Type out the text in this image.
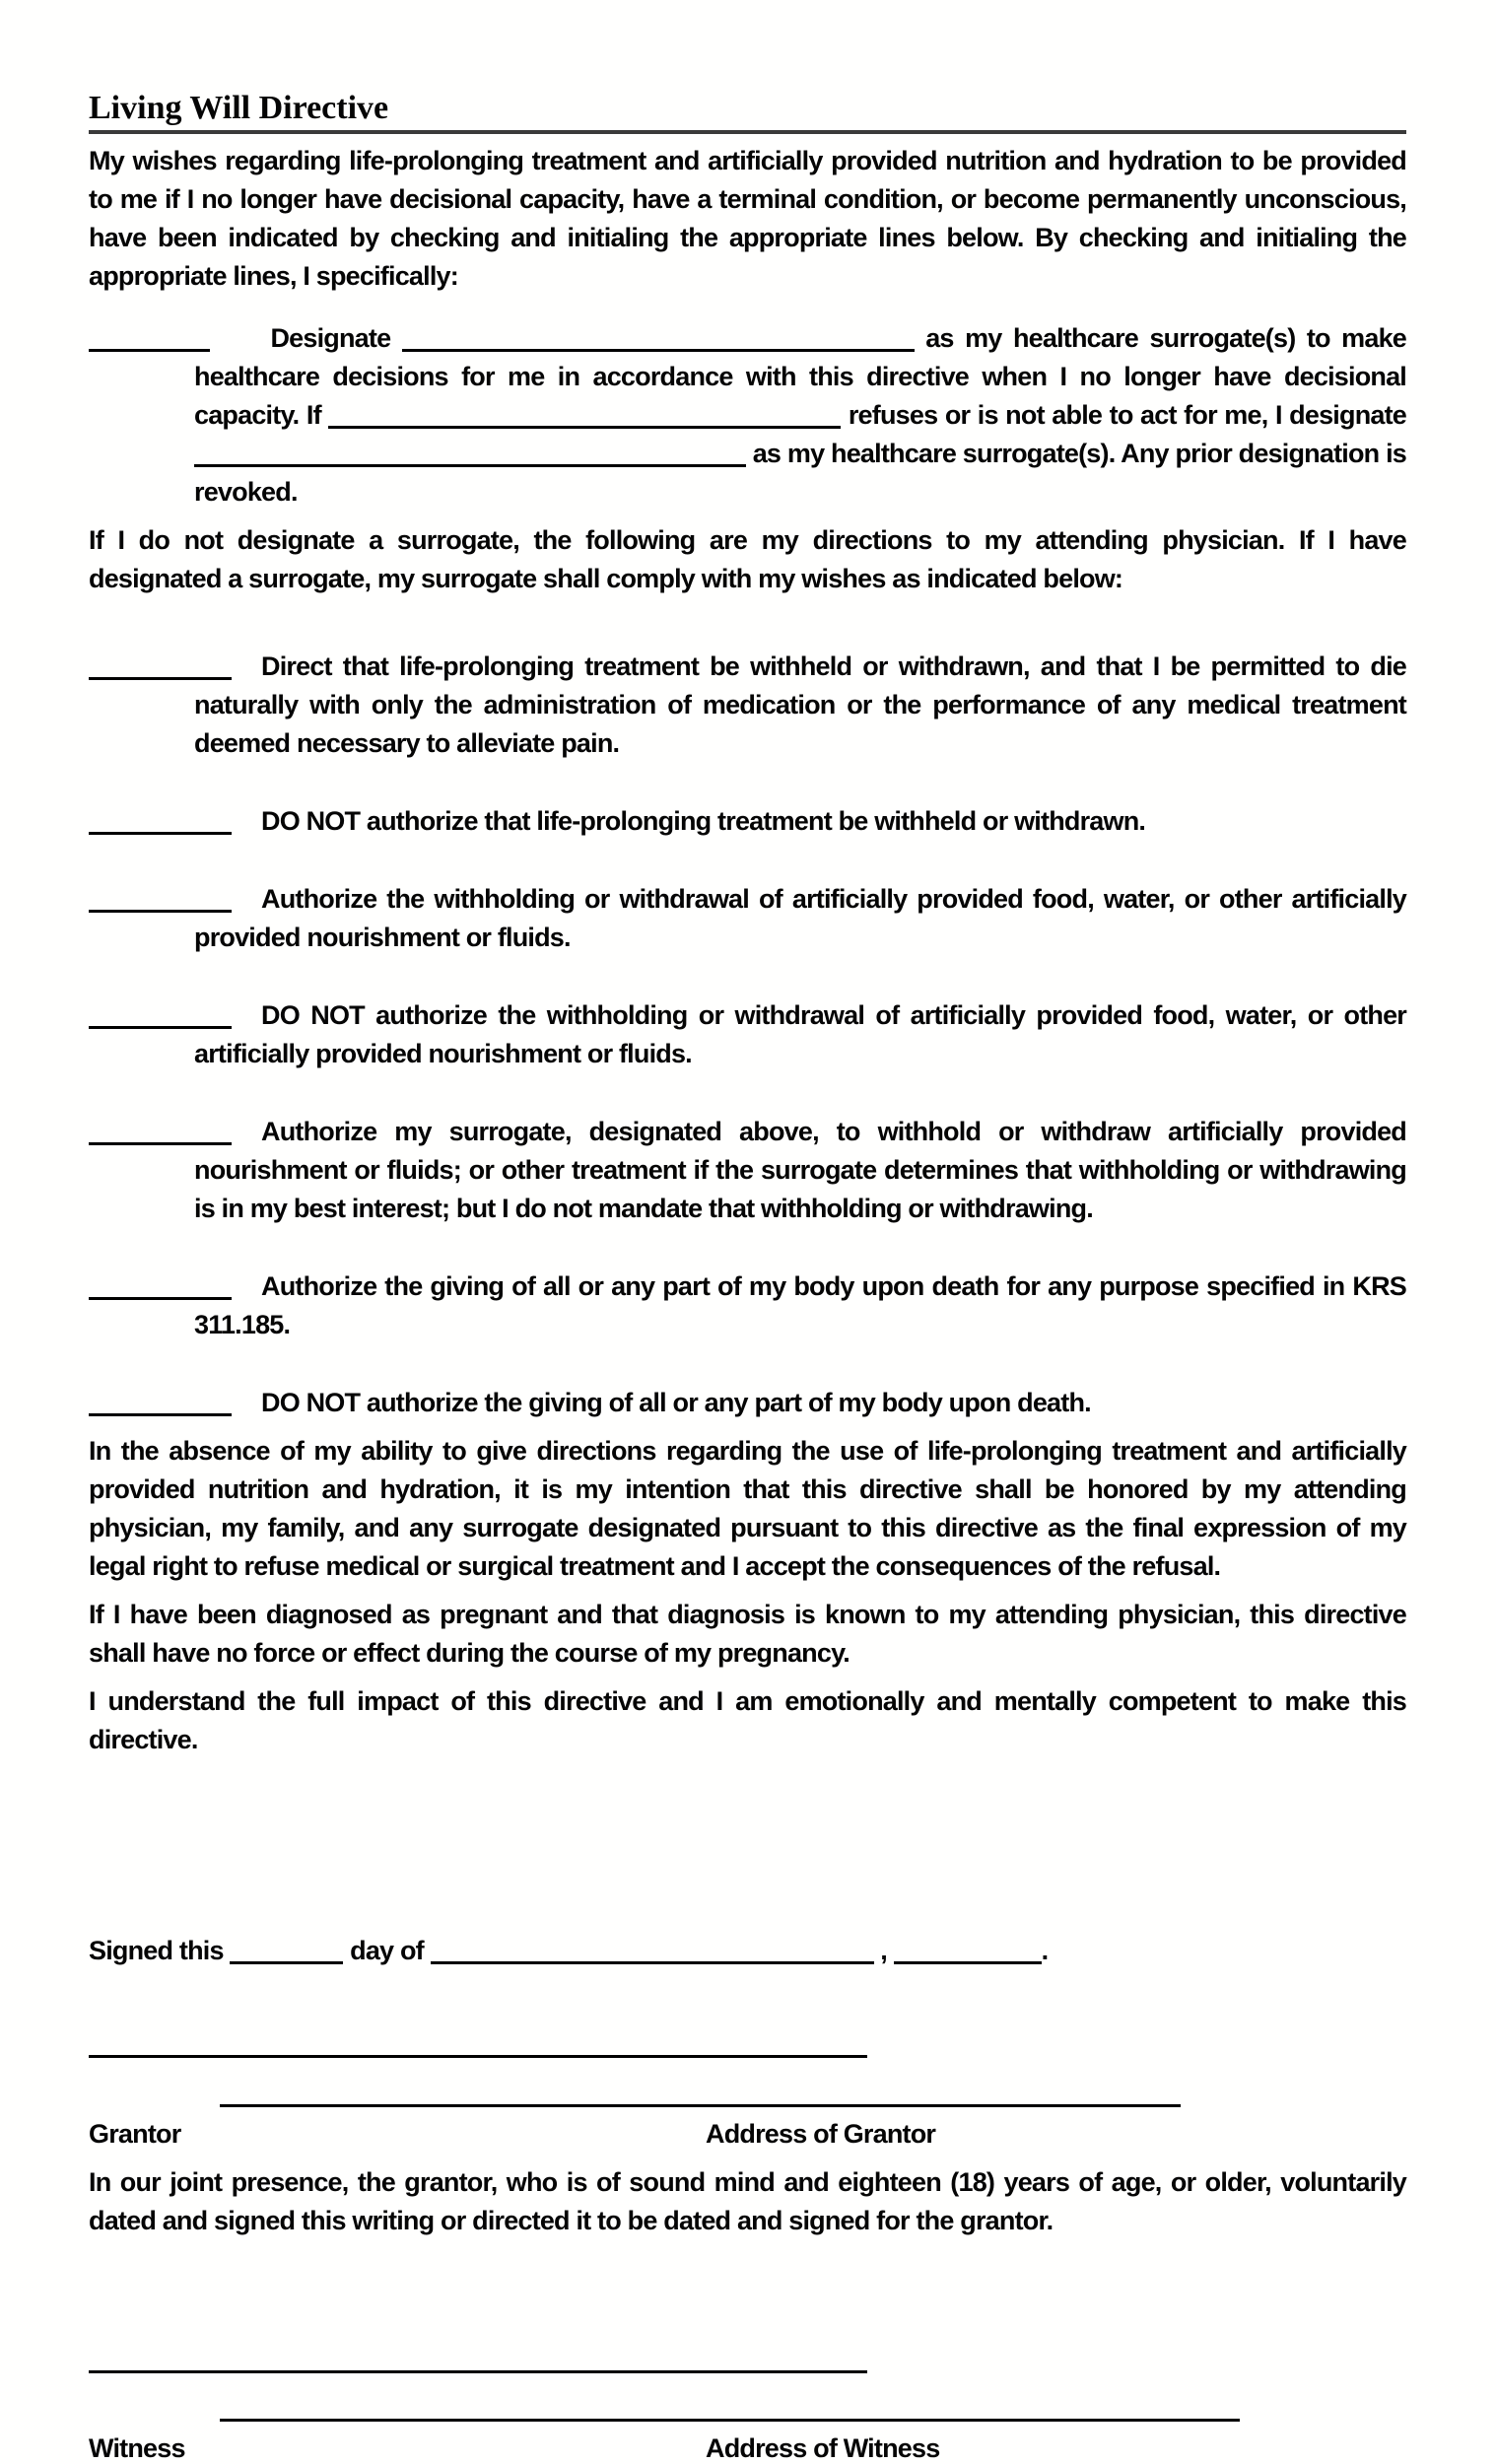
Living Will Directive

My wishes regarding life-prolonging treatment and artificially provided nutrition and hydration to be provided to me if I no longer have decisional capacity, have a terminal condition, or become permanently unconscious, have been indicated by checking and initialing the appropriate lines below. By checking and initialing the appropriate lines, I specifically:

Designate	as my healthcare surrogate(s) to make healthcare decisions for me in accordance with this directive when I no longer have decisional capacity. If	refuses or is not able to act for me, I designate  as my healthcare surrogate(s). Any prior designation is revoked.

If I do not designate a surrogate, the following are my directions to my attending physician. If I have designated a surrogate, my surrogate shall comply with my wishes as indicated below:

Direct that life-prolonging treatment be withheld or withdrawn, and that I be permitted to die naturally with only the administration of medication or the performance of any medical treatment deemed necessary to alleviate pain.
DO NOT authorize that life-prolonging treatment be withheld or withdrawn.
Authorize the withholding or withdrawal of artificially provided food, water, or other artificially provided nourishment or fluids.
DO NOT authorize the withholding or withdrawal of artificially provided food, water, or other artificially provided nourishment or fluids.
Authorize my surrogate, designated above, to withhold or withdraw artificially provided nourishment or fluids; or other treatment if the surrogate determines that withholding or withdrawing is in my best interest; but I do not mandate that withholding or withdrawing.
Authorize the giving of all or any part of my body upon death for any purpose specified in KRS 311.185.
DO NOT authorize the giving of all or any part of my body upon death.

In the absence of my ability to give directions regarding the use of life-prolonging treatment and artificially provided nutrition and hydration, it is my intention that this directive shall be honored by my attending physician, my family, and any surrogate designated pursuant to this directive as the final expression of my legal right to refuse medical or surgical treatment and I accept the consequences of the refusal.

If I have been diagnosed as pregnant and that diagnosis is known to my attending physician, this directive shall have no force or effect during the course of my pregnancy.

I understand the full impact of this directive and I am emotionally and mentally competent to make this directive.

Signed this	day of	,	.
Grantor	Address of Grantor

In our joint presence, the grantor, who is of sound mind and eighteen (18) years of age, or older, voluntarily dated and signed this writing or directed it to be dated and signed for the grantor.

Witness	Address of Witness
